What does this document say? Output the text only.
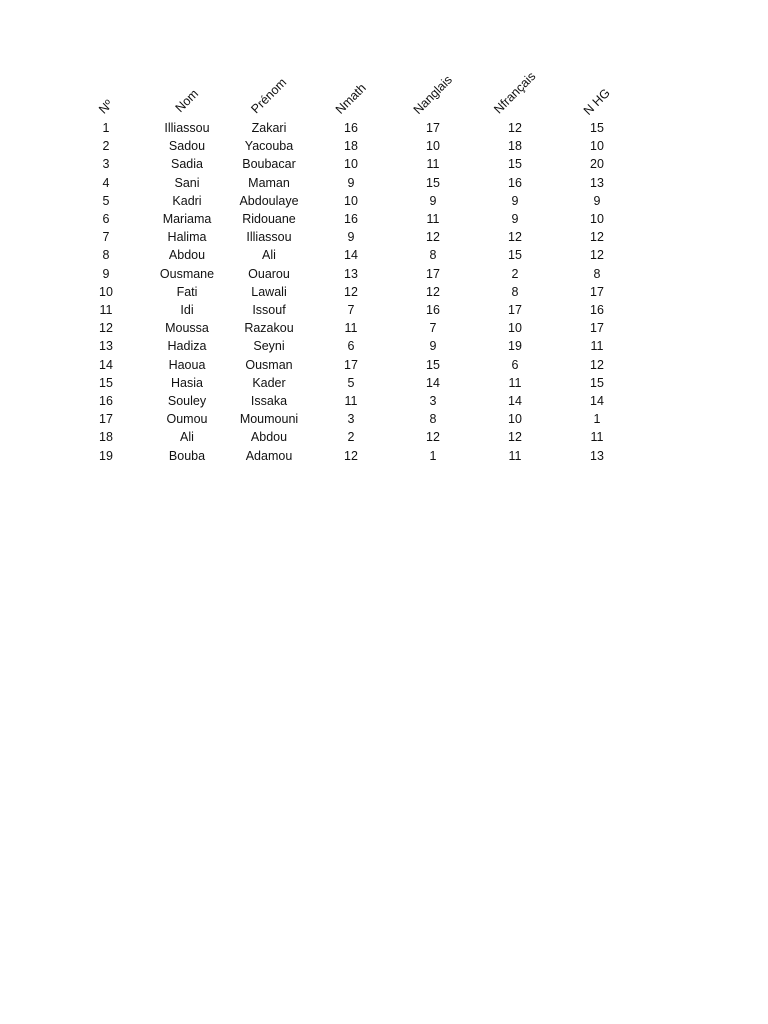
Nº	Nom	Prénom	Nmath	Nanglais	Nfrançais	N HG
1	Illiassou	Zakari	16	17	12	15
2	Sadou	Yacouba	18	10	18	10
3	Sadia	Boubacar	10	11	15	20
4	Sani	Maman	9	15	16	13
5	Kadri	Abdoulaye	10	9	9	9
6	Mariama	Ridouane	16	11	9	10
7	Halima	Illiassou	9	12	12	12
8	Abdou	Ali	14	8	15	12
9	Ousmane	Ouarou	13	17	2	8
10	Fati	Lawali	12	12	8	17
11	Idi	Issouf	7	16	17	16
12	Moussa	Razakou	11	7	10	17
13	Hadiza	Seyni	6	9	19	11
14	Haoua	Ousman	17	15	6	12
15	Hasia	Kader	5	14	11	15
16	Souley	Issaka	11	3	14	14
17	Oumou	Moumouni	3	8	10	1
18	Ali	Abdou	2	12	12	11
19	Bouba	Adamou	12	1	11	13
